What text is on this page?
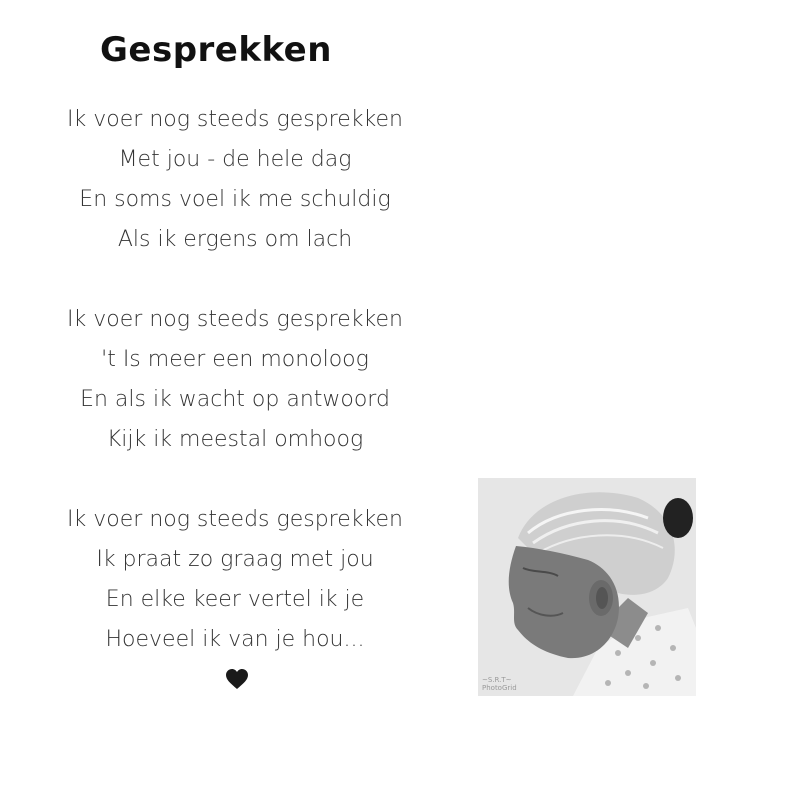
Gesprekken
Ik voer nog steeds gesprekken
Met jou - de hele dag
En soms voel ik me schuldig
Als ik ergens om lach
Ik voer nog steeds gesprekken
't Is meer een monoloog
En als ik wacht op antwoord
Kijk ik meestal omhoog
Ik voer nog steeds gesprekken
Ik praat zo graag met jou
En elke keer vertel ik je
Hoeveel ik van je hou...
~S.R.T~
PhotoGrid
